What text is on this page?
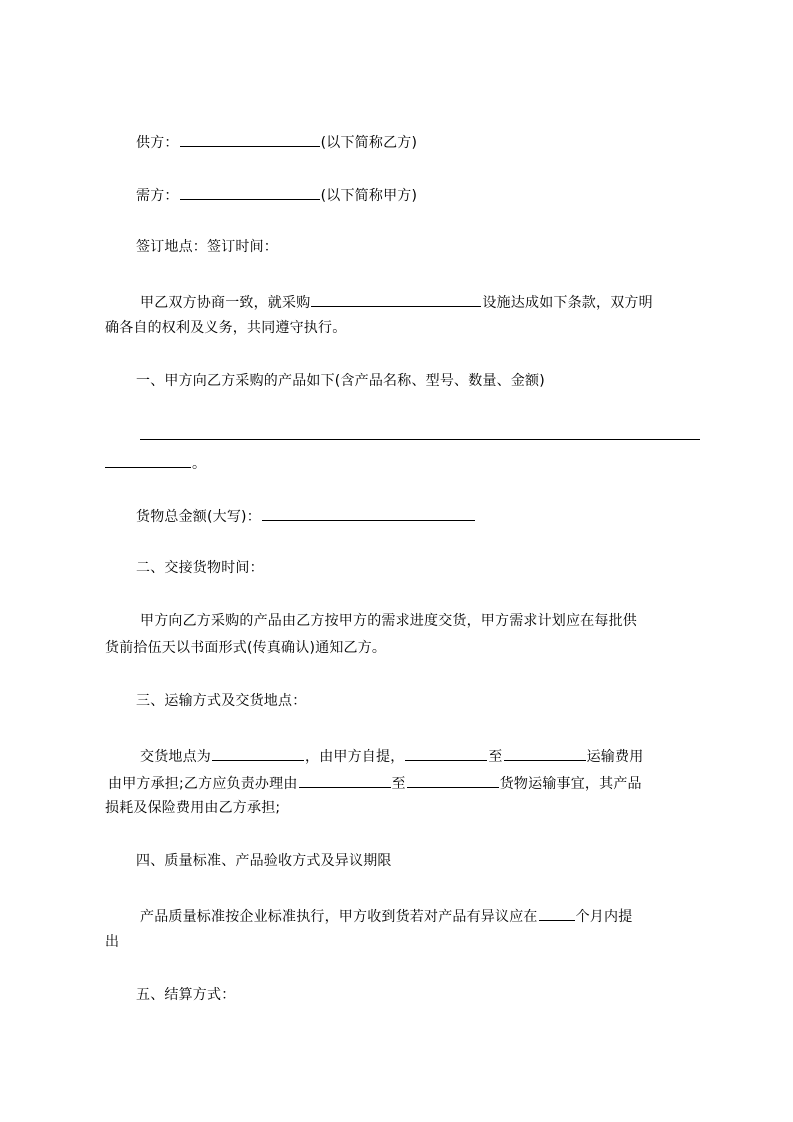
供方：	(以下简称乙方)
需方：	(以下简称甲方)
签订地点：签订时间：
甲乙双方协商一致，就采购	设施达成如下条款，双方明
确各自的权利及义务，共同遵守执行。
一、甲方向乙方采购的产品如下(含产品名称、型号、数量、金额)
。
货物总金额(大写)：
二、交接货物时间：
甲方向乙方采购的产品由乙方按甲方的需求进度交货，甲方需求计划应在每批供
货前拾伍天以书面形式(传真确认)通知乙方。
三、运输方式及交货地点：
交货地点为	，由甲方自提，	至	运输费用
由甲方承担;乙方应负责办理由	至	货物运输事宜，其产品
损耗及保险费用由乙方承担;
四、质量标准、产品验收方式及异议期限
产品质量标准按企业标准执行，甲方收到货若对产品有异议应在	个月内提
出
五、结算方式：
